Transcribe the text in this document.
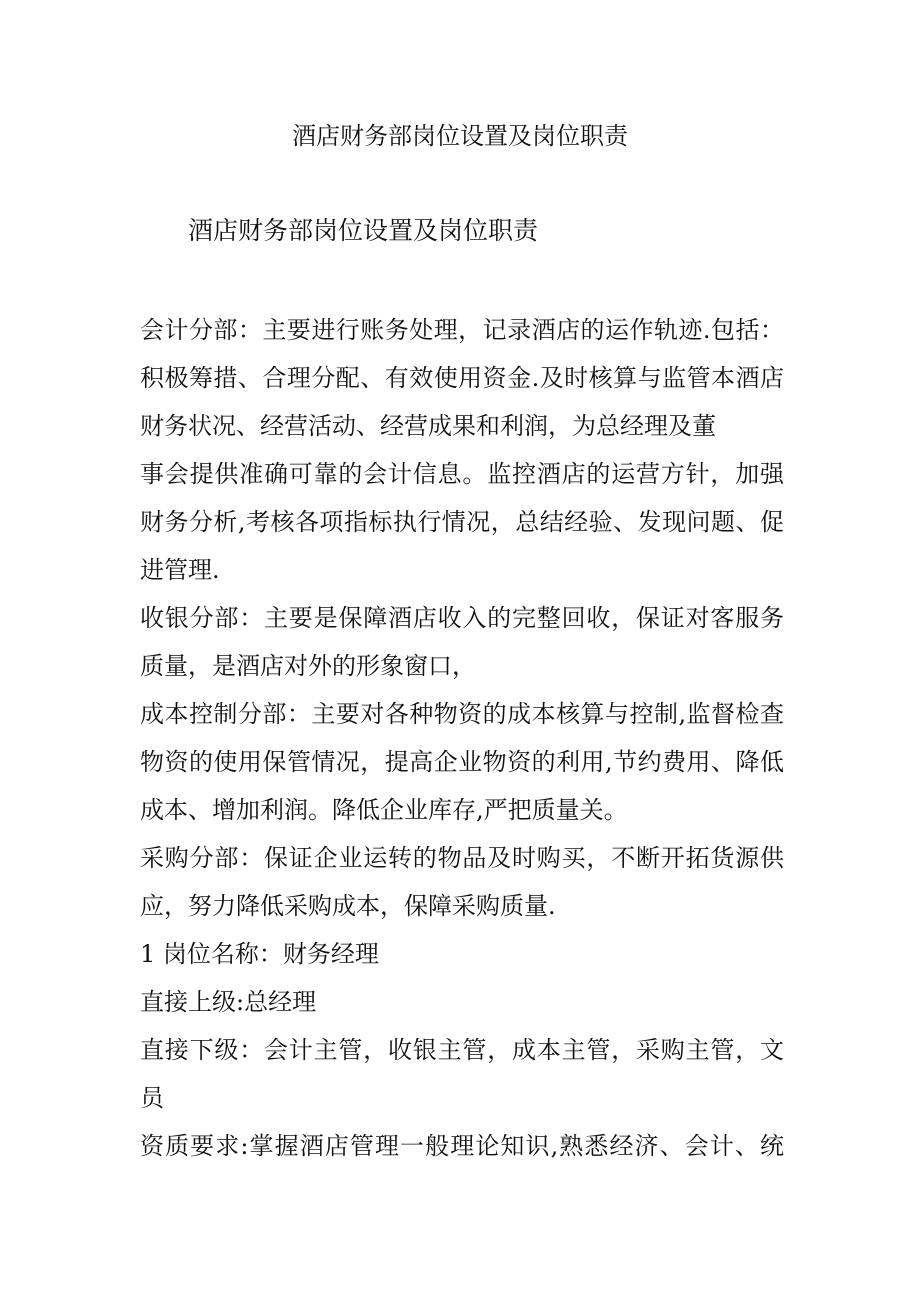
酒店财务部岗位设置及岗位职责
酒店财务部岗位设置及岗位职责
会计分部：主要进行账务处理，记录酒店的运作轨迹.包括：
积极筹措、合理分配、有效使用资金.及时核算与监管本酒店
财务状况、经营活动、经营成果和利润，为总经理及董
事会提供准确可靠的会计信息。监控酒店的运营方针，加强
财务分析,考核各项指标执行情况，总结经验、发现问题、促
进管理.
收银分部：主要是保障酒店收入的完整回收，保证对客服务
质量，是酒店对外的形象窗口，
成本控制分部：主要对各种物资的成本核算与控制,监督检查
物资的使用保管情况，提高企业物资的利用,节约费用、降低
成本、增加利润。降低企业库存,严把质量关。
采购分部：保证企业运转的物品及时购买，不断开拓货源供
应，努力降低采购成本，保障采购质量.
1 岗位名称：财务经理
直接上级:总经理
直接下级：会计主管，收银主管，成本主管，采购主管，文
员
资质要求:掌握酒店管理一般理论知识,熟悉经济、会计、统
